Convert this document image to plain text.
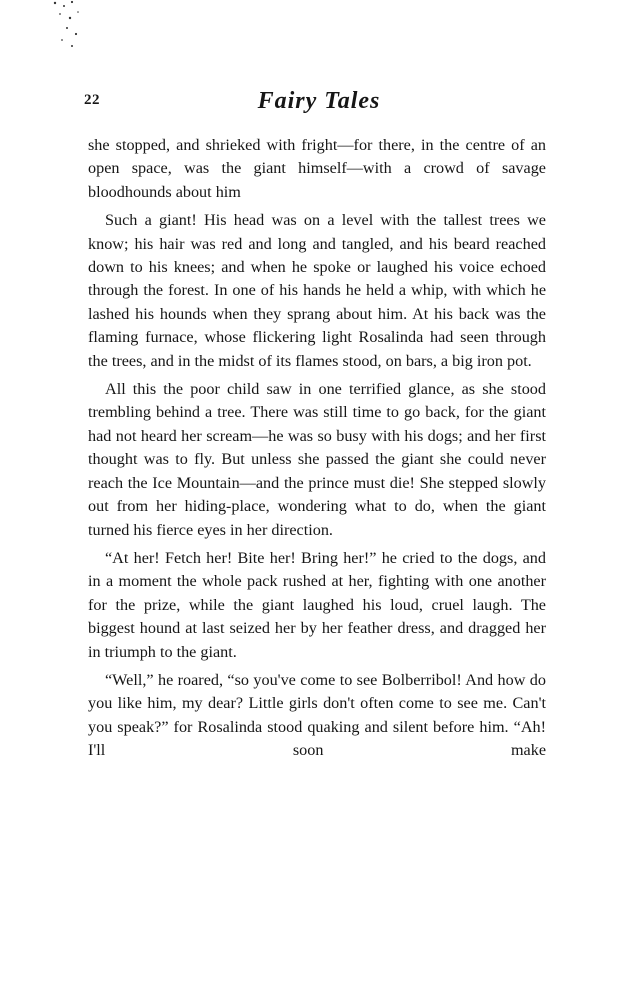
22	Fairy Tales

she stopped, and shrieked with fright—for there, in the centre of an open space, was the giant himself—with a crowd of savage bloodhounds about him

Such a giant! His head was on a level with the tallest trees we know; his hair was red and long and tangled, and his beard reached down to his knees; and when he spoke or laughed his voice echoed through the forest. In one of his hands he held a whip, with which he lashed his hounds when they sprang about him. At his back was the flaming furnace, whose flickering light Rosalinda had seen through the trees, and in the midst of its flames stood, on bars, a big iron pot.

All this the poor child saw in one terrified glance, as she stood trembling behind a tree. There was still time to go back, for the giant had not heard her scream—he was so busy with his dogs; and her first thought was to fly. But unless she passed the giant she could never reach the Ice Mountain—and the prince must die! She stepped slowly out from her hiding-place, wondering what to do, when the giant turned his fierce eyes in her direction.

“At her! Fetch her! Bite her! Bring her!” he cried to the dogs, and in a moment the whole pack rushed at her, fighting with one another for the prize, while the giant laughed his loud, cruel laugh. The biggest hound at last seized her by her feather dress, and dragged her in triumph to the giant.

“Well,” he roared, “so you've come to see Bolberribol! And how do you like him, my dear? Little girls don't often come to see me. Can't you speak?” for Rosalinda stood quaking and silent before him. “Ah! I'll soon make
